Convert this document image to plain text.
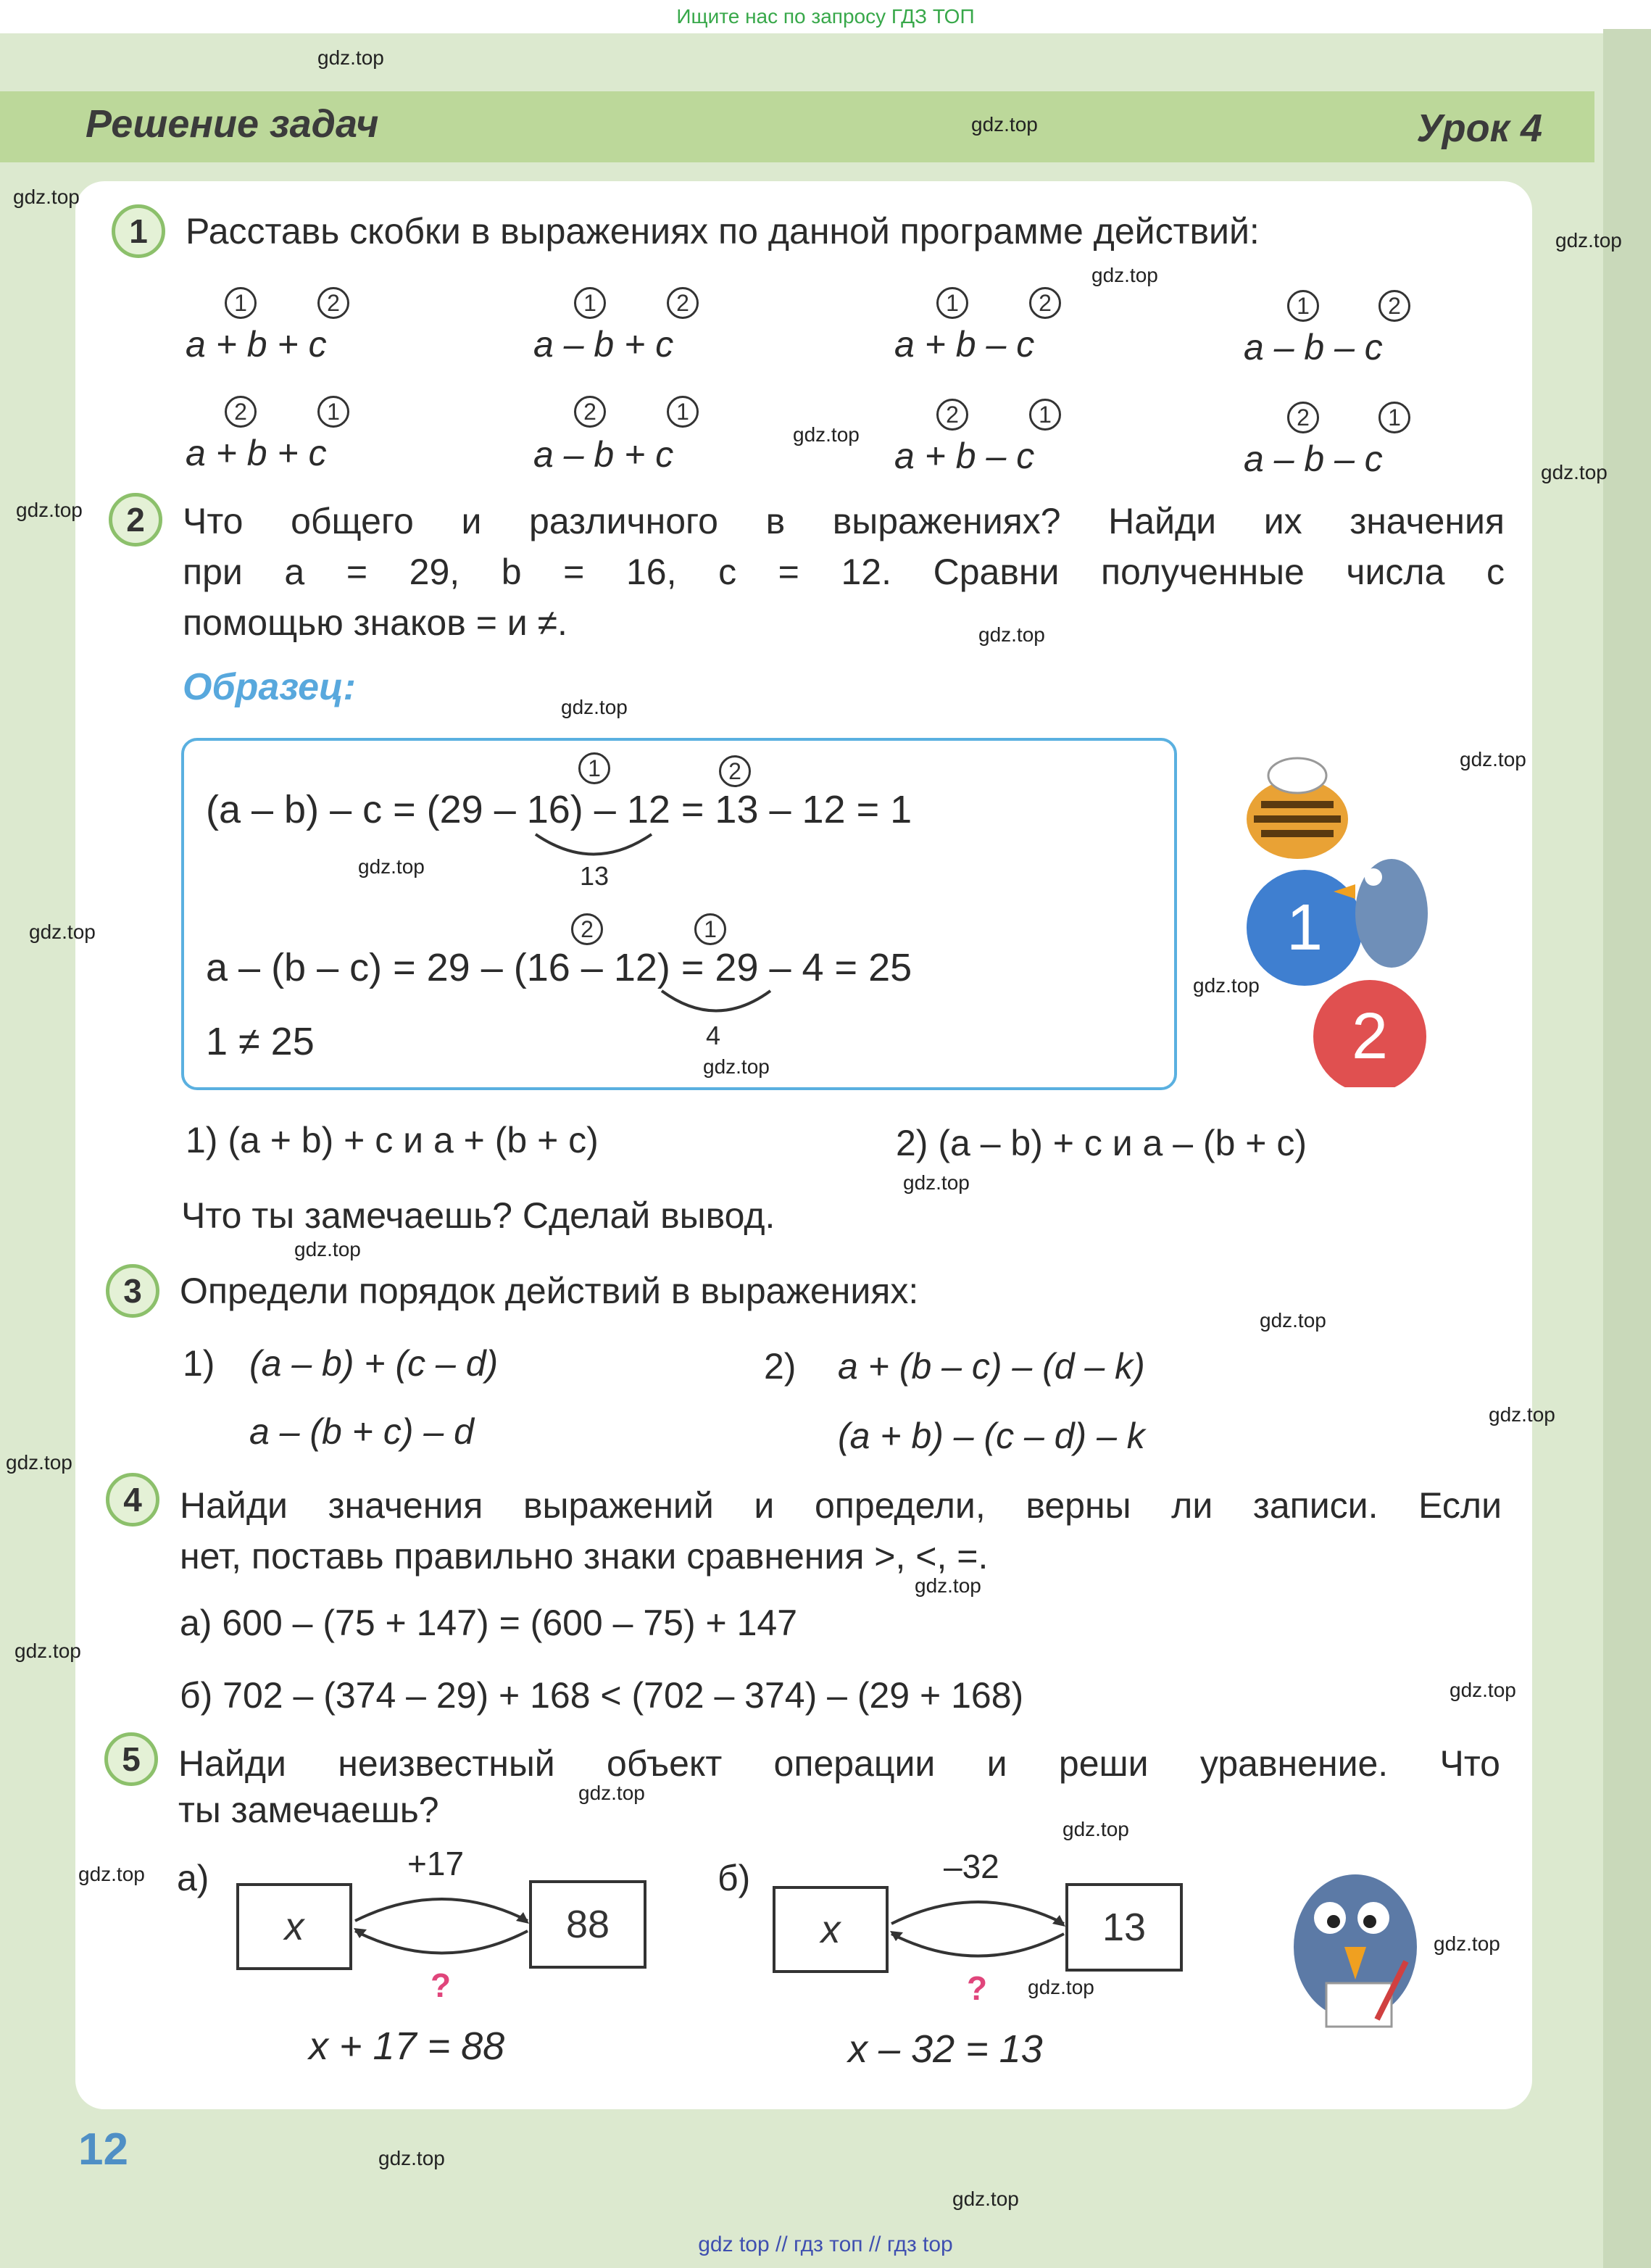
Ищите нас по запросу ГДЗ ТОП
Решение задач	Урок 4
1	Расставь скобки в выражениях по данной программе действий:
1	2
a + b + c
1	2
a – b + c
1	2
a + b – c
1	2
a – b – c
2	1
a + b + c
2	1
a – b + c
2	1
a + b – c
2	1
a – b – c
2	Что общего и различного в выражениях? Найди их значения
при a = 29, b = 16, c = 12. Сравни полученные числа с
помощью знаков = и ≠.
Образец:
1	2
(a – b) – c = (29 – 16) – 12 = 13 – 12 = 1
13
2	1
a – (b – c) = 29 – (16 – 12) = 29 – 4 = 25
4
1 ≠ 25
1
2
1) (a + b) + c и a + (b + c)	2) (a – b) + c и a – (b + c)
Что ты замечаешь? Сделай вывод.
3	Определи порядок действий в выражениях:
1) (a – b) + (c – d)
a – (b + c) – d
2) a + (b – c) – (d – k)
(a + b) – (c – d) – k
4	Найди значения выражений и определи, верны ли записи. Если
нет, поставь правильно знаки сравнения >, <, =.
а) 600 – (75 + 147) = (600 – 75) + 147
б) 702 – (374 – 29) + 168 < (702 – 374) – (29 + 168)
5	Найди неизвестный объект операции и реши уравнение. Что
ты замечаешь?
а)
x	88
+17
?
x + 17 = 88
б)
x	13
–32
?
x – 32 = 13
12
gdz top // гдз топ // гдз top
gdz.top
gdz.top
gdz.top
gdz.top
gdz.top
gdz.top
gdz.top
gdz.top
gdz.top
gdz.top
gdz.top
gdz.top
gdz.top
gdz.top
gdz.top
gdz.top
gdz.top
gdz.top
gdz.top
gdz.top
gdz.top
gdz.top
gdz.top
gdz.top
gdz.top
gdz.top
gdz.top
gdz.top
gdz.top
gdz.top
